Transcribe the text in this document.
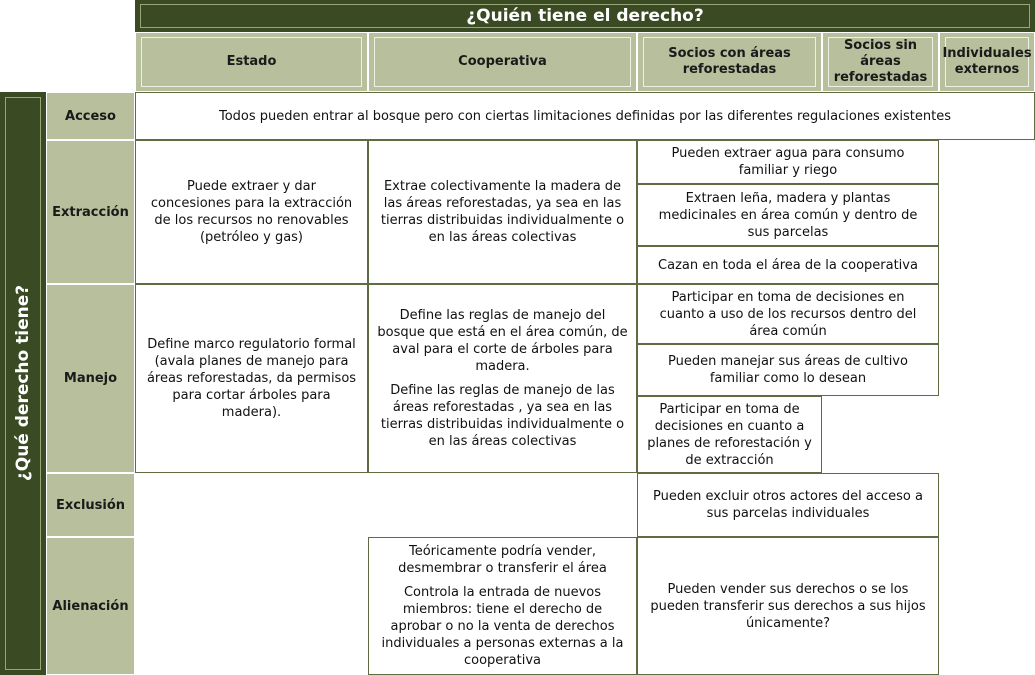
¿Quién tiene el derecho?
Estado	Cooperativa
Socios con áreas reforestadas
Socios sin áreas reforestadas
Individuales externos
¿Qué derecho tiene?
Acceso
Extracción
Manejo
Exclusión
Alienación
Todos pueden entrar al bosque pero con ciertas limitaciones definidas por las diferentes regulaciones existentes
Puede extraer y dar concesiones para la extracción de los recursos no renovables (petróleo y gas)
Extrae colectivamente la madera de las áreas reforestadas, ya sea en las tierras distribuidas individualmente o en las áreas colectivas
Pueden extraer agua para consumo familiar y riego
Extraen leña, madera y plantas medicinales en área común y dentro de sus parcelas
Cazan en toda el área de la cooperativa
Define marco regulatorio formal (avala planes de manejo para áreas reforestadas, da permisos para cortar árboles para madera).

Define las reglas de manejo del bosque que está en el área común, de aval para el corte de árboles para madera.

Define las reglas de manejo de las áreas reforestadas , ya sea en las tierras distribuidas individualmente o en las áreas colectivas

Participar en toma de decisiones en cuanto a uso de los recursos dentro del área común
Pueden manejar sus áreas de cultivo familiar como lo desean
Participar en toma de decisiones en cuanto a planes de reforestación y de extracción
Pueden excluir otros actores del acceso a sus parcelas individuales

Teóricamente podría vender, desmembrar o transferir el área

Controla la entrada de nuevos miembros: tiene el derecho de aprobar o no la venta de derechos individuales a personas externas a la cooperativa

Pueden vender sus derechos o se los pueden transferir sus derechos a sus hijos únicamente?
